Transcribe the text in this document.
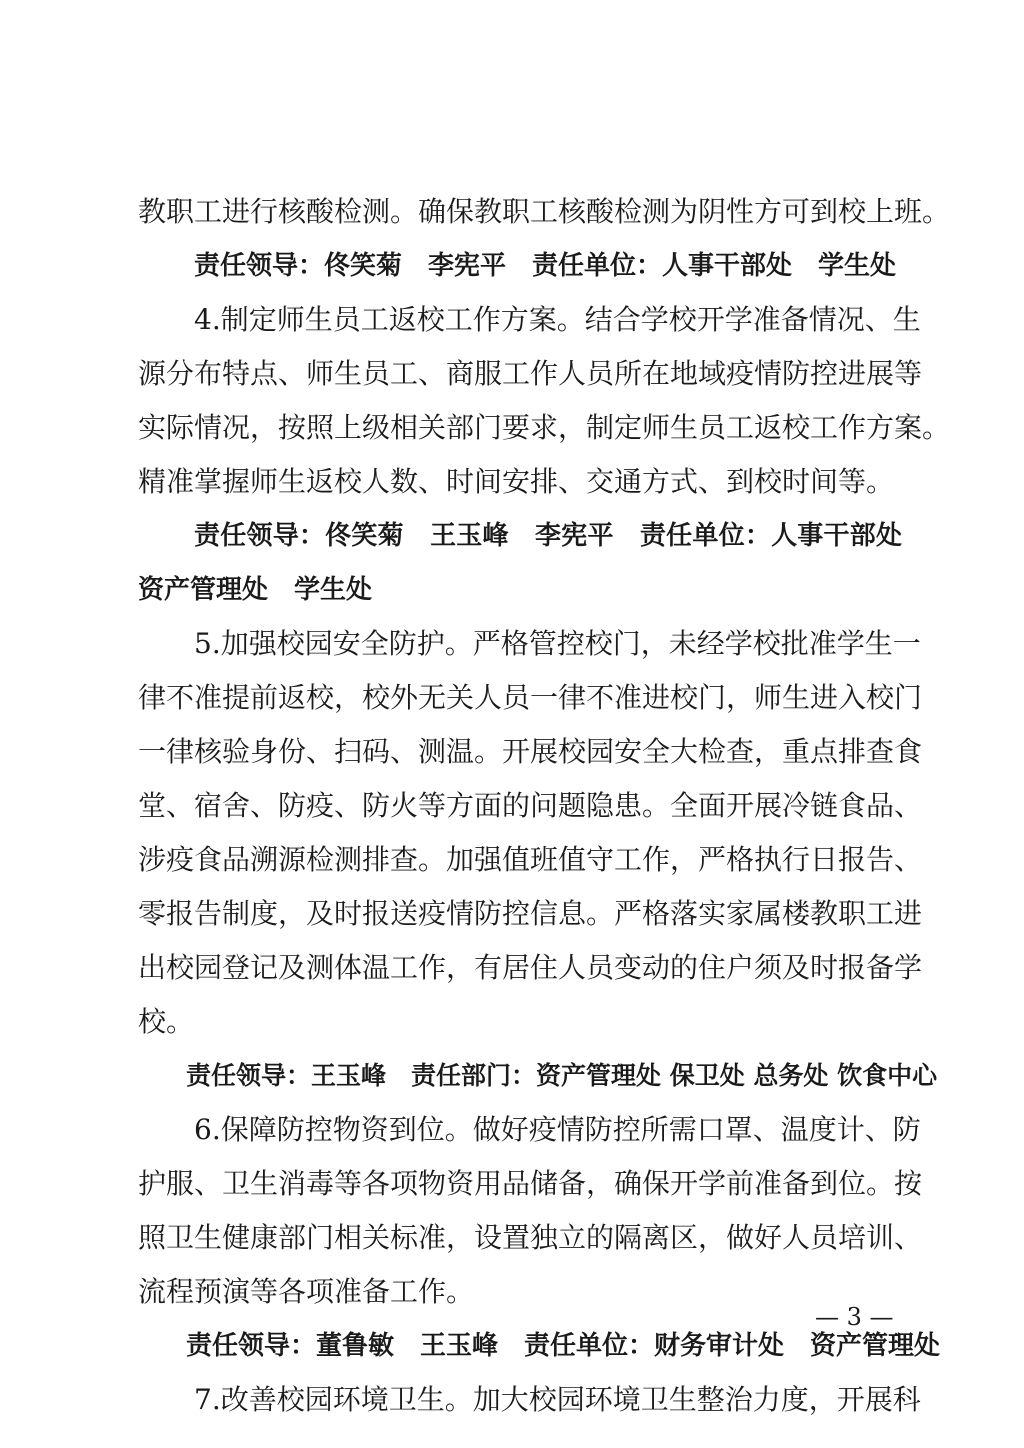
教职工进行核酸检测。确保教职工核酸检测为阴性方可到校上班。
责任领导：佟笑菊　李宪平　责任单位：人事干部处　学生处
4.制定师生员工返校工作方案。结合学校开学准备情况、生
源分布特点、师生员工、商服工作人员所在地域疫情防控进展等
实际情况，按照上级相关部门要求，制定师生员工返校工作方案。
精准掌握师生返校人数、时间安排、交通方式、到校时间等。
责任领导：佟笑菊　王玉峰　李宪平　责任单位：人事干部处
资产管理处　学生处
5.加强校园安全防护。严格管控校门，未经学校批准学生一
律不准提前返校，校外无关人员一律不准进校门，师生进入校门
一律核验身份、扫码、测温。开展校园安全大检查，重点排查食
堂、宿舍、防疫、防火等方面的问题隐患。全面开展冷链食品、
涉疫食品溯源检测排查。加强值班值守工作，严格执行日报告、
零报告制度，及时报送疫情防控信息。严格落实家属楼教职工进
出校园登记及测体温工作，有居住人员变动的住户须及时报备学
校。
责任领导：王玉峰　责任部门：资产管理处 保卫处 总务处 饮食中心
6.保障防控物资到位。做好疫情防控所需口罩、温度计、防
护服、卫生消毒等各项物资用品储备，确保开学前准备到位。按
照卫生健康部门相关标准，设置独立的隔离区，做好人员培训、
流程预演等各项准备工作。
责任领导：董鲁敏　王玉峰　责任单位：财务审计处　资产管理处
7.改善校园环境卫生。加大校园环境卫生整治力度，开展科
— 3 —
